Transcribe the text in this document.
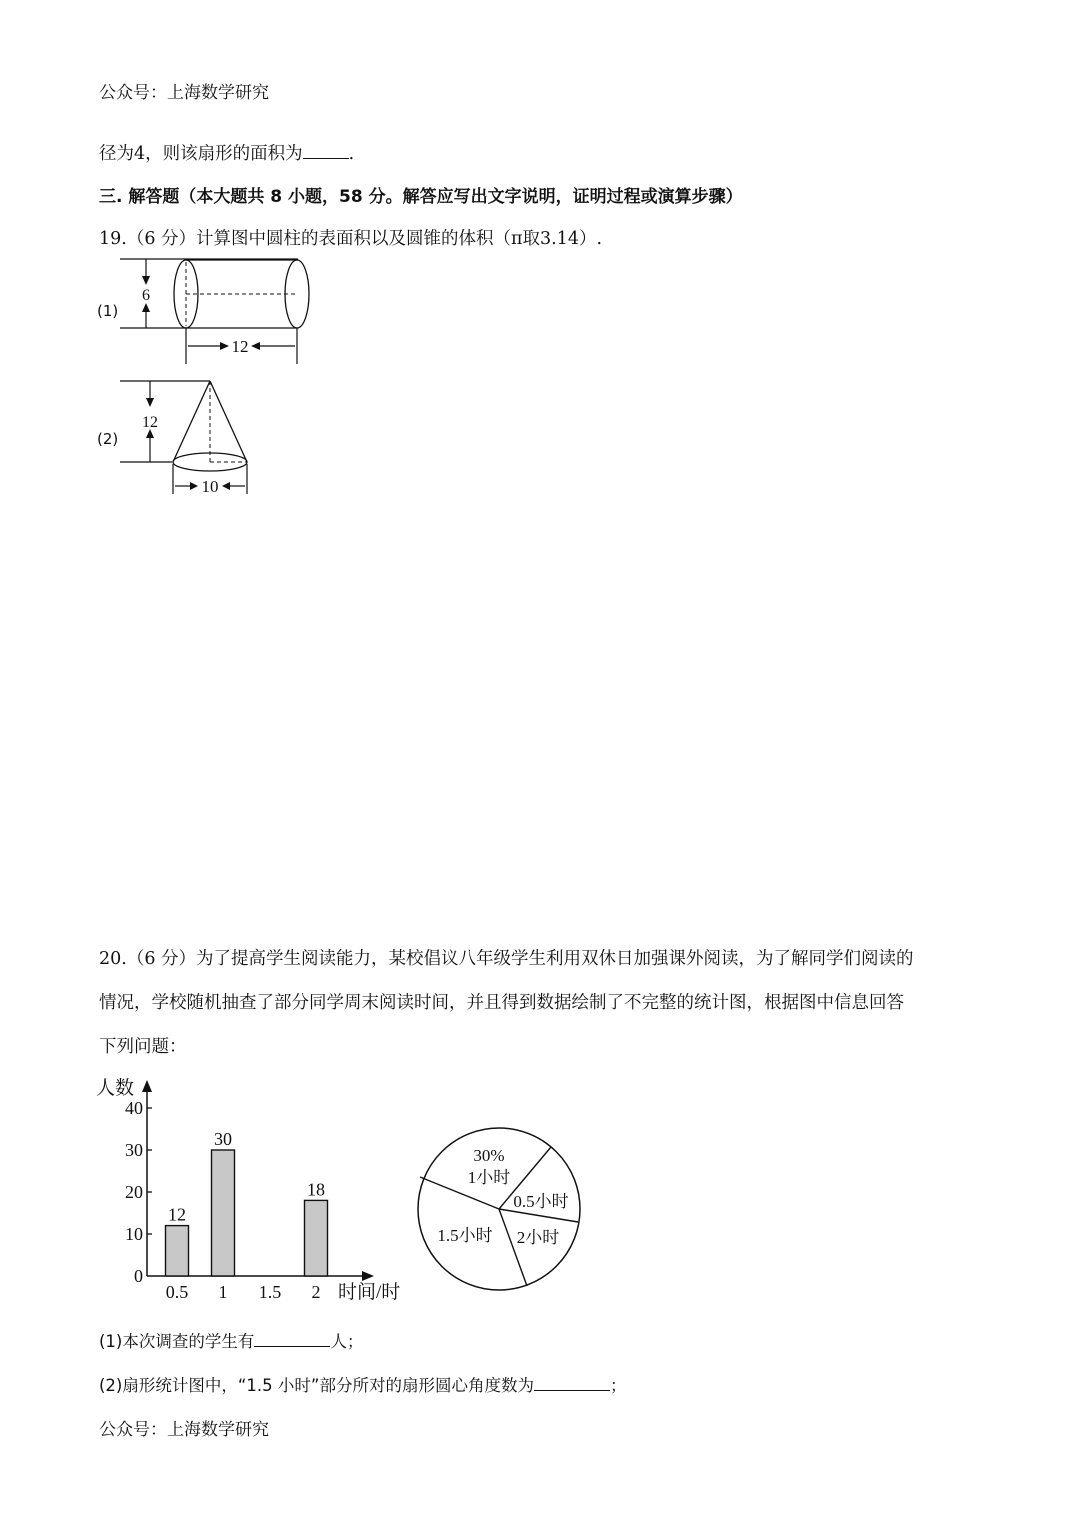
公众号：上海数学研究
径为4，则该扇形的面积为	.
三. 解答题（本大题共 8 小题，58 分。解答应写出文字说明，证明过程或演算步骤）
19.（6 分）计算图中圆柱的表面积以及圆锥的体积（π取3.14）.
(1)
6
12
(2)
12
10
20.（6 分）为了提高学生阅读能力，某校倡议八年级学生利用双休日加强课外阅读，为了解同学们阅读的
情况，学校随机抽查了部分同学周末阅读时间，并且得到数据绘制了不完整的统计图，根据图中信息回答
下列问题：
人数
时间/时
0
10
20
30
40
0.5
12
1
30
1.5 2
18
30%
1小时
0.5小时
2小时
1.5小时
(1)本次调查的学生有	人；
(2)扇形统计图中，“1.5 小时”部分所对的扇形圆心角度数为	；
公众号：上海数学研究
